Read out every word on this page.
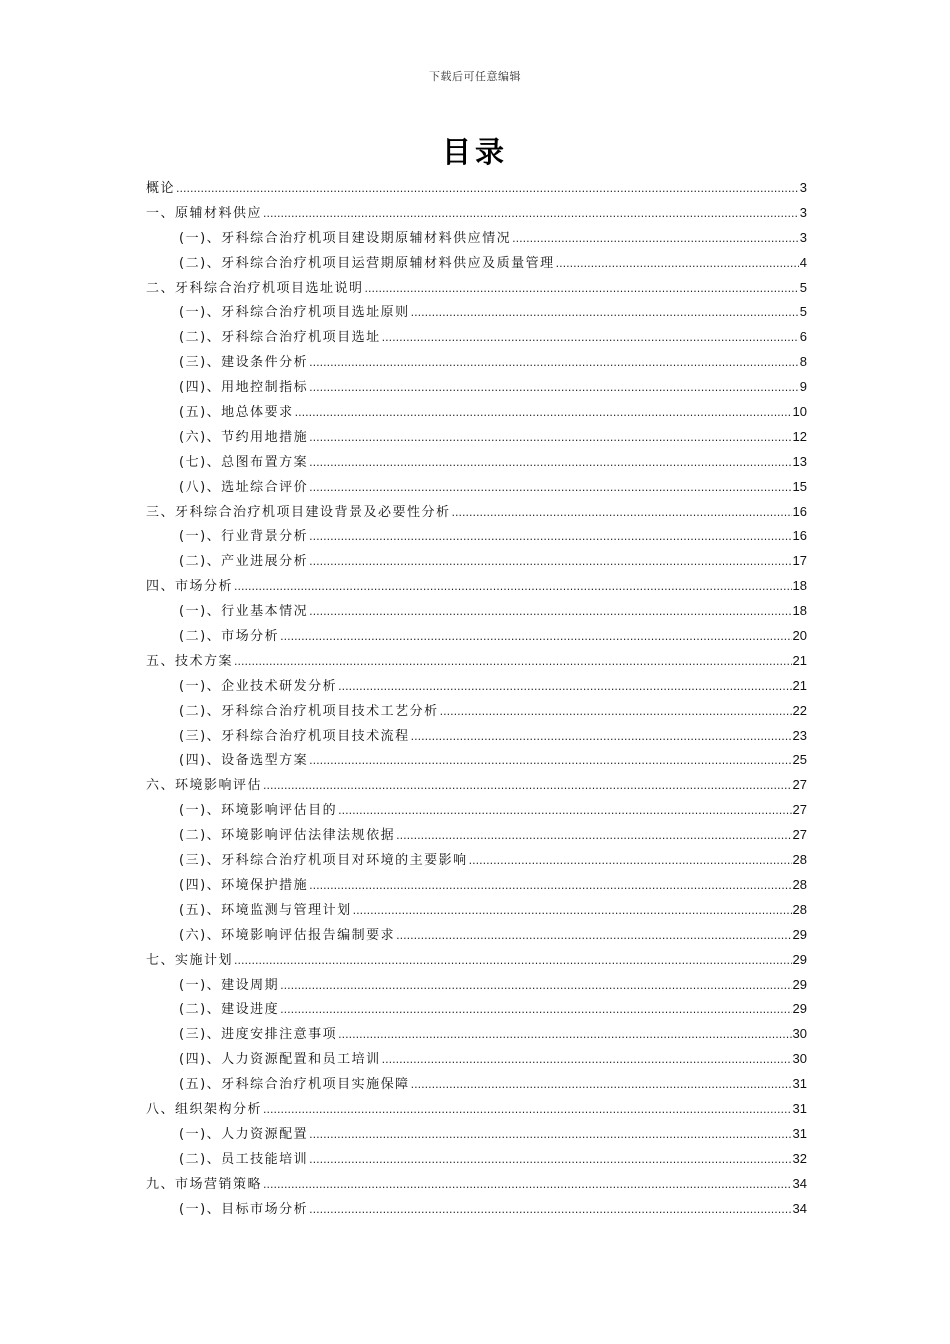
下载后可任意编辑
目录
概论 .....	3
一、原辅材料供应 .....	3
(一)、牙科综合治疗机项目建设期原辅材料供应情况 .....	3
(二)、牙科综合治疗机项目运营期原辅材料供应及质量管理 .....	4
二、牙科综合治疗机项目选址说明 .....	5
(一)、牙科综合治疗机项目选址原则 .....	5
(二)、牙科综合治疗机项目选址 .....	6
(三)、建设条件分析 .....	8
(四)、用地控制指标 .....	9
(五)、地总体要求 .....	10
(六)、节约用地措施 .....	12
(七)、总图布置方案 .....	13
(八)、选址综合评价 .....	15
三、牙科综合治疗机项目建设背景及必要性分析 .....	16
(一)、行业背景分析 .....	16
(二)、产业进展分析 .....	17
四、市场分析 .....	18
(一)、行业基本情况 .....	18
(二)、市场分析 .....	20
五、技术方案 .....	21
(一)、企业技术研发分析 .....	21
(二)、牙科综合治疗机项目技术工艺分析 .....	22
(三)、牙科综合治疗机项目技术流程 .....	23
(四)、设备选型方案 .....	25
六、环境影响评估 .....	27
(一)、环境影响评估目的 .....	27
(二)、环境影响评估法律法规依据 .....	27
(三)、牙科综合治疗机项目对环境的主要影响 .....	28
(四)、环境保护措施 .....	28
(五)、环境监测与管理计划 .....	28
(六)、环境影响评估报告编制要求 .....	29
七、实施计划 .....	29
(一)、建设周期 .....	29
(二)、建设进度 .....	29
(三)、进度安排注意事项 .....	30
(四)、人力资源配置和员工培训 .....	30
(五)、牙科综合治疗机项目实施保障 .....	31
八、组织架构分析 .....	31
(一)、人力资源配置 .....	31
(二)、员工技能培训 .....	32
九、市场营销策略 .....	34
(一)、目标市场分析 .....	34
